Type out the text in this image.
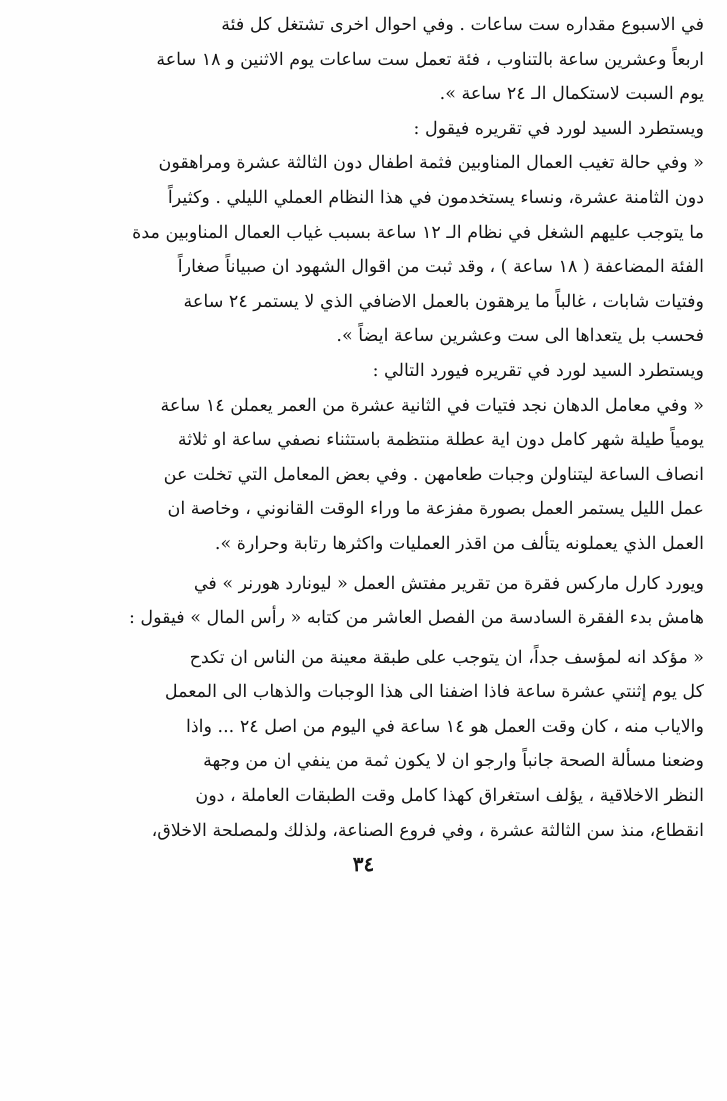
في الاسبوع مقداره ست ساعات . وفي احوال اخرى تشتغل كل فئة
اربعاً وعشرين ساعة بالتناوب ، فئة تعمل ست ساعات يوم الاثنين و ١٨ ساعة
يوم السبت لاستكمال الـ ٢٤ ساعة ».
ويستطرد السيد لورد في تقريره فيقول :
« وفي حالة تغيب العمال المناوبين فثمة اطفال دون الثالثة عشرة ومراهقون
دون الثامنة عشرة، ونساء يستخدمون في هذا النظام العملي الليلي . وكثيراً
ما يتوجب عليهم الشغل في نظام الـ ١٢ ساعة بسبب غياب العمال المناوبين مدة
الفئة المضاعفة ( ١٨ ساعة ) ، وقد ثبت من اقوال الشهود ان صبياناً صغاراً
وفتيات شابات ، غالباً ما يرهقون بالعمل الاضافي الذي لا يستمر ٢٤ ساعة
فحسب بل يتعداها الى ست وعشرين ساعة ايضاً ».
ويستطرد السيد لورد في تقريره فيورد التالي :
« وفي معامل الدهان نجد فتيات في الثانية عشرة من العمر يعملن ١٤ ساعة
يومياً طيلة شهر كامل دون اية عطلة منتظمة باستثناء نصفي ساعة او ثلاثة
انصاف الساعة ليتناولن وجبات طعامهن . وفي بعض المعامل التي تخلت عن
عمل الليل يستمر العمل بصورة مفزعة ما وراء الوقت القانوني ، وخاصة ان
العمل الذي يعملونه يتألف من اقذر العمليات واكثرها رتابة وحرارة ».
ويورد كارل ماركس فقرة من تقرير مفتش العمل « ليونارد هورنر » في
هامش بدء الفقرة السادسة من الفصل العاشر من كتابه « رأس المال » فيقول :
« مؤكد انه لمؤسف جداً، ان يتوجب على طبقة معينة من الناس ان تكدح
كل يوم إثنتي عشرة ساعة فاذا اضفنا الى هذا الوجبات والذهاب الى المعمل
والاياب منه ، كان وقت العمل هو ١٤ ساعة في اليوم من اصل ٢٤ ... واذا
وضعنا مسألة الصحة جانباً وارجو ان لا يكون ثمة من ينفي ان من وجهة
النظر الاخلاقية ، يؤلف استغراق كهذا كامل وقت الطبقات العاملة ، دون
انقطاع، منذ سن الثالثة عشرة ، وفي فروع الصناعة، ولذلك ولمصلحة الاخلاق،
٣٤
